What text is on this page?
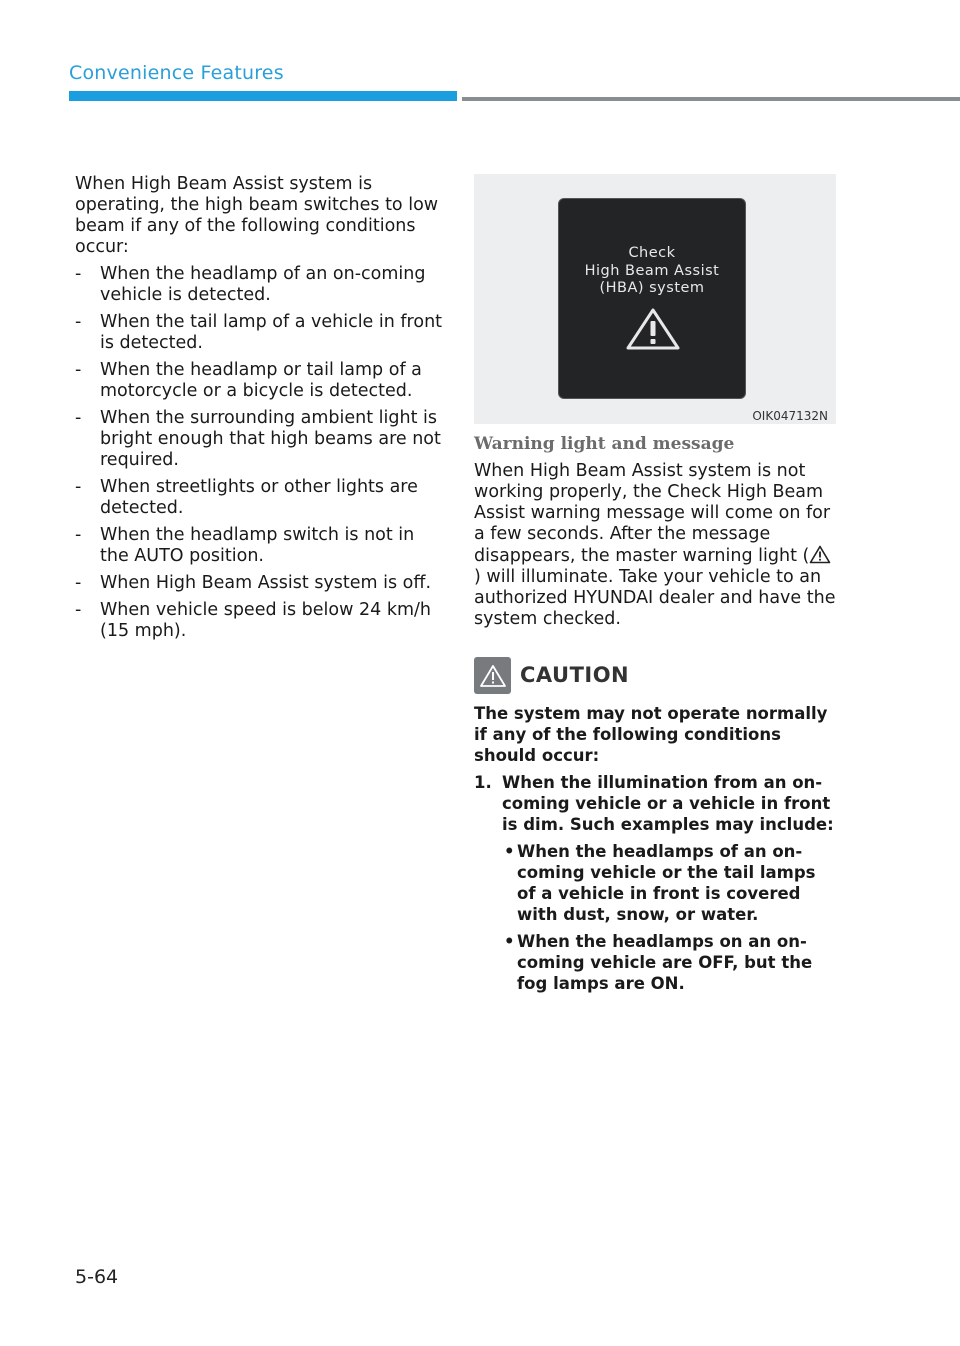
Convenience Features

When High Beam Assist system is operating, the high beam switches to low beam if any of the following conditions occur:

- When the headlamp of an on-coming vehicle is detected.
- When the tail lamp of a vehicle in front is detected.
- When the headlamp or tail lamp of a motorcycle or a bicycle is detected.
- When the surrounding ambient light is bright enough that high beams are not required.
- When streetlights or other lights are detected.
- When the headlamp switch is not in the AUTO position.
- When High Beam Assist system is off.
- When vehicle speed is below 24 km/h (15 mph).
Check
High Beam Assist
(HBA) system
OIK047132N
Warning light and message

When High Beam Assist system is not working properly, the Check High Beam Assist warning message will come on for a few seconds. After the message disappears, the master warning light () will illuminate. Take your vehicle to an authorized HYUNDAI dealer and have the system checked.

CAUTION

The system may not operate normally if any of the following conditions should occur:

1. When the illumination from an on-coming vehicle or a vehicle in front is dim. Such examples may include:

• When the headlamps of an on-coming vehicle or the tail lamps of a vehicle in front is covered with dust, snow, or water.
• When the headlamps on an on-coming vehicle are OFF, but the fog lamps are ON.
5-64
